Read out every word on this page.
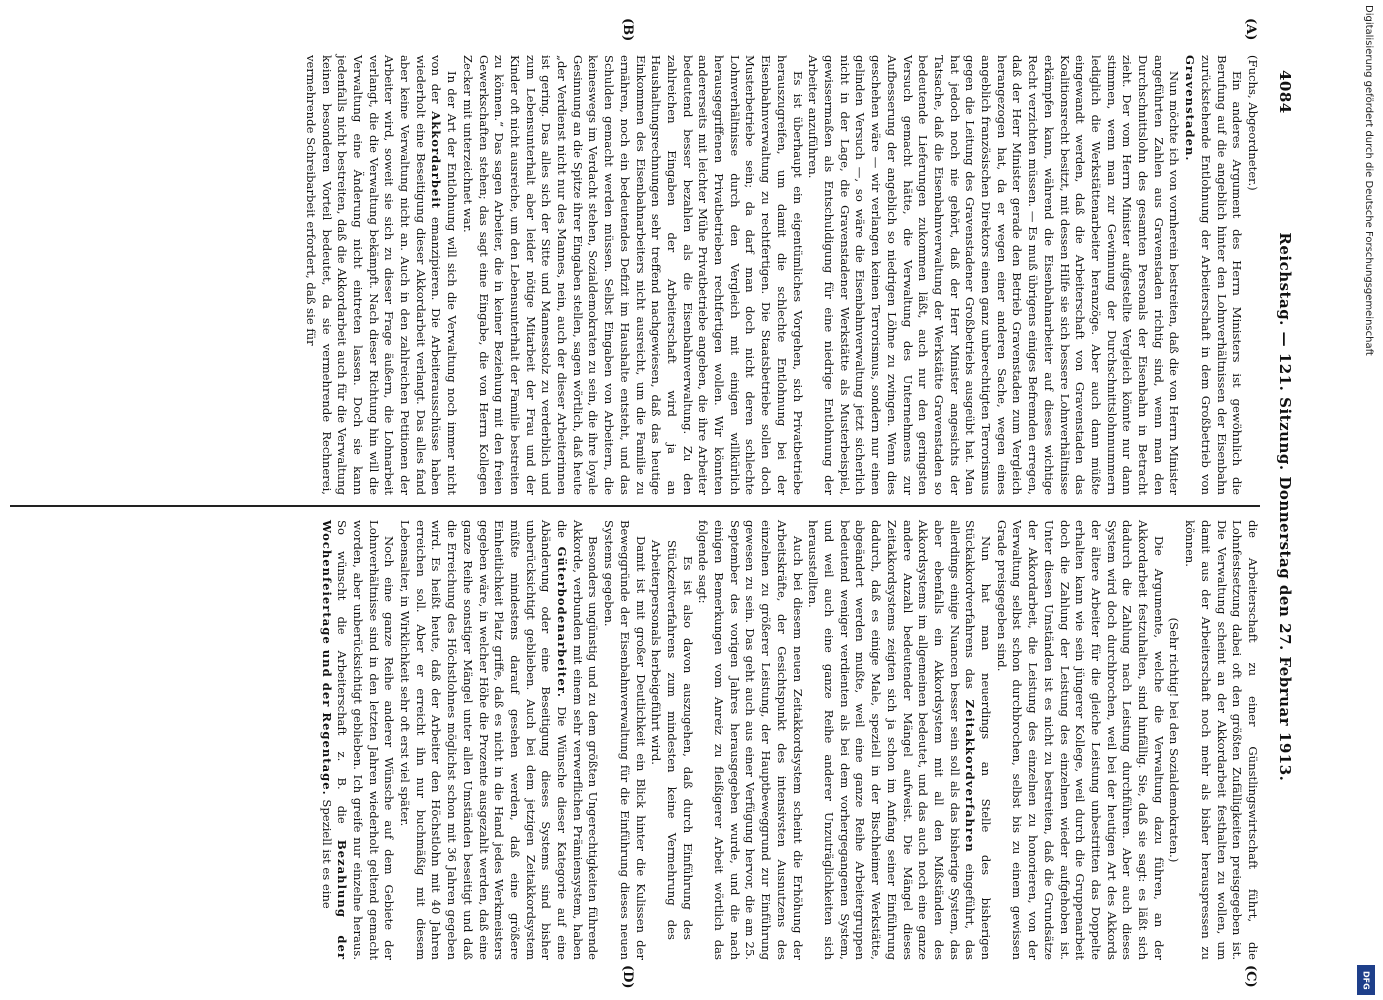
4084
Reichstag. — 121. Sitzung. Donnerstag den 27. Februar 1913.
(A)
(B)
(C)
(D)

(Fuchs, Abgeordneter.)

Ein anderes Argument des Herrn Ministers ist gewöhnlich die Berufung auf die angeblich hinter den Lohnverhältnissen der Eisenbahn zurückstehende Entlohnung der Arbeiterschaft in dem Großbetrieb von Gravenstaden.

Nun möchte ich von vornherein bestreiten, daß die von Herrn Minister angeführten Zahlen aus Gravenstaden richtig sind, wenn man den Durchschnittslohn des gesamten Personals der Eisenbahn in Betracht zieht. Der vom Herrn Minister aufgestellte Vergleich könnte nur dann stimmen, wenn man zur Gewinnung der Durchschnittslohnnummern lediglich die Werkstättenarbeiter heranzöge. Aber auch dann müßte eingewandt werden, daß die Arbeiterschaft von Gravenstaden das Koalitionsrecht besitzt, mit dessen Hilfe sie sich bessere Lohnverhältnisse erkämpfen kann, während die Eisenbahnarbeiter auf dieses wichtige Recht verzichten müssen. — Es muß übrigens einiges Befremden erregen, daß der Herr Minister gerade den Betrieb Gravenstaden zum Vergleich herangezogen hat, da er wegen einer anderen Sache, wegen eines angeblich französischen Direktors einen ganz unberechtigten Terrorismus gegen die Leitung des Gravenstadener Großbetriebs ausgeübt hat. Man hat jedoch noch nie gehört, daß der Herr Minister angesichts der Tatsache, daß die Eisenbahnverwaltung der Werkstätte Gravenstaden so bedeutende Lieferungen zukommen läßt, auch nur den geringsten Versuch gemacht hätte, die Verwaltung des Unternehmens zur Aufbesserung der angeblich so niedrigen Löhne zu zwingen. Wenn dies geschehen wäre — wir verlangen keinen Terrorismus, sondern nur einen gelinden Versuch —, so wäre die Eisenbahnverwaltung jetzt sicherlich nicht in der Lage, die Gravenstadener Werkstätte als Musterbeispiel, gewissermaßen als Entschuldigung für eine niedrige Entlohnung der Arbeiter anzuführen.

Es ist überhaupt ein eigentümliches Vorgehen, sich Privatbetriebe herauszugreifen, um damit die schlechte Entlohnung bei der Eisenbahnverwaltung zu rechtfertigen. Die Staatsbetriebe sollen doch Musterbetriebe sein; da darf man doch nicht deren schlechte Lohnverhältnisse durch den Vergleich mit einigen willkürlich herausgegriffenen Privatbetrieben rechtfertigen wollen. Wir könnten andererseits mit leichter Mühe Privatbetriebe angeben, die ihre Arbeiter bedeutend besser bezahlen als die Eisenbahnverwaltung. Zu den zahlreichen Eingaben der Arbeiterschaft wird ja an Haushaltungsrechnungen sehr treffend nachgewiesen, daß das heutige Einkommen des Eisenbahnarbeiters nicht ausreicht, um die Familie zu ernähren, noch ein bedeutendes Defizit im Haushalte entsteht, und das Schulden gemacht werden müssen. Selbst Eingaben von Arbeitern, die keineswegs im Verdacht stehen, Sozialdemokraten zu sein, die ihre loyale Gesinnung an die Spitze ihrer Eingaben stellen, sagen wörtlich, daß heute „der Verdienst nicht nur des Mannes, nein, auch der dieser Arbeiterinnen ist gering. Das alles sich der Sitte und Mannesstolz zu verderblich und zum Lebensunterhalt aber leider nötige Mitarbeit der Frau und der Kinder oft nicht ausreiche, um den Lebensunterhalt der Familie bestreiten zu können.“ Das sagen Arbeiter, die in keiner Beziehung mit den freien Gewerkschaften stehen; das sagt eine Eingabe, die von Herrn Kollegen Zecker mit unterzeichnet war.

In der Art der Entlohnung will sich die Verwaltung noch immer nicht von der Akkordarbeit emanzipieren. Die Arbeiterausschüsse haben wiederholt eine Beseitigung dieser Akkordarbeit verlangt. Das alles fand aber keine Verwaltung nicht an. Auch in den zahlreichen Petitionen der Arbeiter wird, soweit sie sich zu dieser Frage äußern, die Lohnarbeit verlangt, die die Verwaltung bekämpft. Nach dieser Richtung hin will die Verwaltung eine Änderung nicht eintreten lassen. Doch sie kann jedenfalls nicht bestreiten, daß die Akkordarbeit auch für die Verwaltung keinen besonderen Vorteil bedeutet, da sie vermehrende Rechnerei, vermehrende Schreibarbeit erfordert, daß sie für

die Arbeiterschaft zu einer Günstlingswirtschaft führt, die Lohnfestsetzung dabei oft den größten Zufälligkeiten preisgegeben ist. Die Verwaltung scheint an der Akkordarbeit festhalten zu wollen, um damit aus der Arbeiterschaft noch mehr als bisher herauspressen zu können.

(Sehr richtig! bei den Sozialdemokraten.)

Die Argumente, welche die Verwaltung dazu führen, an der Akkordarbeit festzuhalten, sind hinfällig. Sie, daß sie sagt: es läßt sich dadurch die Zahlung nach Leistung durchführen. Aber auch dieses System wird doch durchbrochen, weil bei der heutigen Art des Akkords der ältere Arbeiter für die gleiche Leistung unbestritten das Doppelte erhalten kann wie sein jüngerer Kollege, weil durch die Gruppenarbeit doch die Zahlung der Leistung des einzelnen wieder aufgehoben ist. Unter diesen Umständen ist es nicht zu bestreiten, daß die Grundsätze der Akkordarbeit, die Leistung des einzelnen zu honorieren, von der Verwaltung selbst schon durchbrochen, selbst bis zu einem gewissen Grade preisgegeben sind.

Nun hat man neuerdings an Stelle des bisherigen Stückakkordverfahrens das Zeitakkordverfahren eingeführt, das allerdings einige Nuancen besser sein soll als das bisherige System, das aber ebenfalls ein Akkordsystem mit all den Mißständen des Akkordsystems im allgemeinen bedeutet, und das auch noch eine ganze andere Anzahl bedeutender Mängel aufweist. Die Mängel dieses Zeitakkordsystems zeigten sich ja schon im Anfang seiner Einführung dadurch, daß es einige Male, speziell in der Bischheimer Werkstätte, abgeändert werden mußte, weil eine ganze Reihe Arbeitergruppen bedeutend weniger verdienten als bei dem vorhergegangenen System, und weil auch eine ganze Reihe anderer Unzuträglichkeiten sich herausstellten.

Auch bei diesem neuen Zeitakkordsystem scheint die Erhöhung der Arbeitskräfte, der Gesichtspunkt des intensivsten Ausnutzens des einzelnen zu größerer Leistung, der Hauptbeweggrund zur Einführung gewesen zu sein. Das geht auch aus einer Verfügung hervor, die am 25. September des vorigen Jahres herausgegeben wurde, und die nach einigen Bemerkungen vom Anreiz zu fleißigerer Arbeit wörtlich das folgende sagt:

Es ist also davon auszugehen, daß durch Einführung des Stückzeitverfahrens zum mindesten keine Vermehrung des Arbeiterpersonals herbeigeführt wird.

Damit ist mit großer Deutlichkeit ein Blick hinter die Kulissen der Beweggründe der Eisenbahnverwaltung für die Einführung dieses neuen Systems gegeben.

Besonders ungünstig und zu dem größten Ungerechtigkeiten führende Akkorde, verbunden mit einem sehr verwerflichen Prämiensystem, haben die Güterbodenarbeiter. Die Wünsche dieser Kategorie auf eine Abänderung oder eine Beseitigung dieses Systems sind bisher unberücksichtigt geblieben. Auch bei dem jetzigen Zeitakkordsystem müßte mindestens darauf gesehen werden, daß eine größere Einheitlichkeit Platz griffe, daß es nicht in die Hand jedes Werkmeisters gegeben wäre, in welcher Höhe die Prozente ausgezahlt werden, daß eine ganze Reihe sonstiger Mängel unter allen Umständen beseitigt und daß die Erreichung des Höchstlohnes möglichst schon mit 36 Jahren gegeben wird. Es heißt heute, daß der Arbeiter den Höchstlohn mit 40 Jahren erreichen soll. Aber er erreicht ihn nur buchmäßig mit diesem Lebensalter, in Wirklichkeit sehr oft erst viel später.

Noch eine ganze Reihe anderer Wünsche auf dem Gebiete der Lohnverhältnisse sind in den letzten Jahren wiederholt geltend gemacht worden, aber unberücksichtigt geblieben. Ich greife nur einzelne heraus. So wünscht die Arbeiterschaft z. B. die Bezahlung der Wochenfeiertage und der Regentage. Speziell ist es eine

Digitalisierung gefördert durch die Deutsche Forschungsgemeinschaft
DFG
